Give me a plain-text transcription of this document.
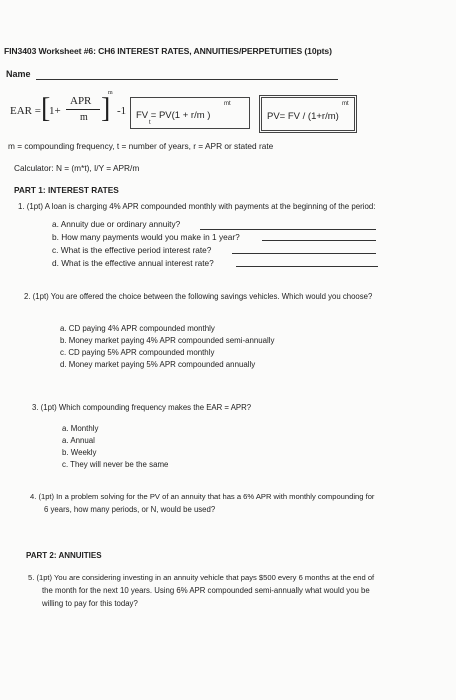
FIN3403 Worksheet #6: CH6 INTEREST RATES, ANNUITIES/PERPETUITIES (10pts)
Name
EAR = [
1+
APR
m ]
m
-1
mt
FV = PV(1 + r/m )
t
mt
PV= FV / (1+r/m)
m = compounding frequency, t = number of years, r = APR or stated rate
Calculator: N = (m*t), I/Y = APR/m
PART 1: INTEREST RATES
1. (1pt) A loan is charging 4% APR compounded monthly with payments at the beginning of the period:
a. Annuity due or ordinary annuity?
b. How many payments would you make in 1 year?
c. What is the effective period interest rate?
d. What is the effective annual interest rate?
2. (1pt) You are offered the choice between the following savings vehicles. Which would you choose?
a. CD paying 4% APR compounded monthly
b. Money market paying 4% APR compounded semi-annually
c. CD paying 5% APR compounded monthly
d. Money market paying 5% APR compounded annually
3. (1pt) Which compounding frequency makes the EAR = APR?
a. Monthly
a. Annual
b. Weekly
c. They will never be the same
4. (1pt) In a problem solving for the PV of an annuity that has a 6% APR with monthly compounding for
6 years, how many periods, or N, would be used?
PART 2: ANNUITIES
5. (1pt) You are considering investing in an annuity vehicle that pays $500 every 6 months at the end of
the month for the next 10 years. Using 6% APR compounded semi-annually what would you be
willing to pay for this today?
